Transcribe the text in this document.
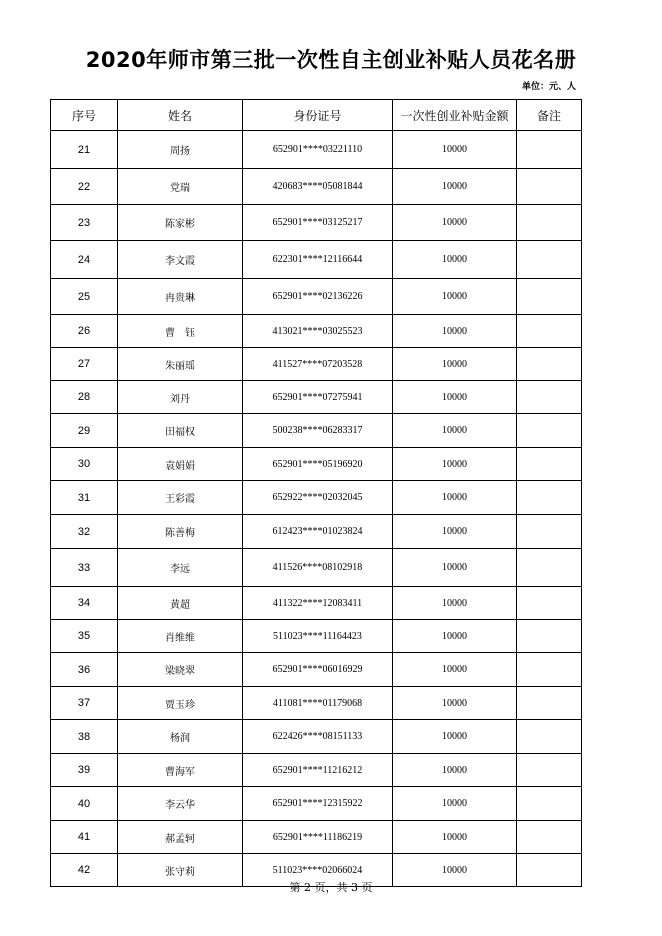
2020年师市第三批一次性自主创业补贴人员花名册
单位：元、人
序号	姓名	身份证号	一次性创业补贴金额	备注
21	周扬	652901****03221110	10000	
22	党瑞	420683****05081844	10000	
23	陈家彬	652901****03125217	10000	
24	李文霞	622301****12116644	10000	
25	冉贵琳	652901****02136226	10000	
26	曹　钰	413021****03025523	10000	
27	朱丽瑶	411527****07203528	10000	
28	刘丹	652901****07275941	10000	
29	田福权	500238****06283317	10000	
30	袁娟娟	652901****05196920	10000	
31	王彩霞	652922****02032045	10000	
32	陈善梅	612423****01023824	10000	
33	李远	411526****08102918	10000	
34	黄超	411322****12083411	10000	
35	肖维维	511023****11164423	10000	
36	梁晓翠	652901****06016929	10000	
37	贾玉珍	411081****01179068	10000	
38	杨润	622426****08151133	10000	
39	曹海军	652901****11216212	10000	
40	李云华	652901****12315922	10000	
41	郝孟轲	652901****11186219	10000	
42	张守莉	511023****02066024	10000	
第 2 页，共 3 页
